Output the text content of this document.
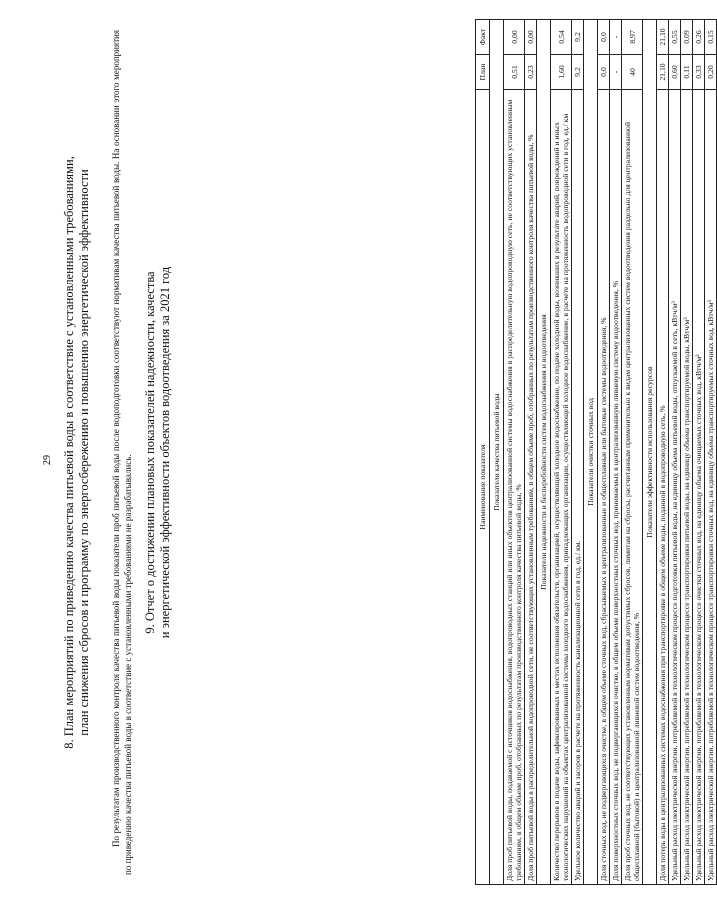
29 8. План мероприятий по приведению качества питьевой воды в соответствие с установленными требованиями, план снижения сбросов и программу по энергосбережению и повышению энергетической эффективности По результатам производственного контроля качества питьевой воды показатели проб питьевой воды после водоподготовки соответствуют нормативам качества питьевой воды. На основании этого мероприятия по приведению качества питьевой воды в соответствие с установленными требованиями не разрабатывались.
9. Отчет о достижении плановых показателей надежности, качества и энергетической эффективности объектов водоотведения за 2021 год	Наименование показателя	План	Факт
Показатели качества питьевой воды		
Доля проб питьевой воды, подаваемой с источников водоснабжения, водопроводных станций или иных объектов централизованной системы водоснабжения в распределительную водопроводную сеть, не соответствующих установленным требованиям, в общем объеме проб, отобранных по результатам производственного контроля качества питьевой воды, %	0,51	0,00
Доля проб питьевой воды в распределительной водопроводной сети, не соответствующих установленным требованиям, в общем объеме проб, отобранных по результатам производственного контроля качества питьевой воды, %	0,23	0,00
Показатели надежности и бесперебойности систем водоснабжения и водоотведения		
Количество перерывов в подаче воды, зафиксированных в местах исполнения обязательств, организацией, осуществляющей холодное водоснабжение, по подаче холодной воды, возникших в результате аварий, повреждений и иных технологических нарушений на объектах централизованной системы холодного водоснабжения, принадлежащих организации, осуществляющей холодное водоснабжение, в расчете на протяженность водопроводной сети в год, ед./ км	1,60	0,54
Удельное количество аварий и засоров в расчете на протяженность канализационной сети в год, ед./ км.	9,2	9,2
Показатели очистки сточных вод		
Доля сточных вод, не подвергающихся очистке, в общем объеме сточных вод, сбрасываемых в централизованные и общесплавные или бытовые системы водоотведения, %	0,0	0,0
Доля поверхностных сточных вод, не подвергающихся очистке, в общем объеме поверхностных сточных вод, принимаемых в централизованную ливневую систему водоотведения, %	-	-
Доля проб сточных вод, не соответствующих установленным нормативам допустимых сбросов, лимитам на сбросы, рассчитанным применительно к видам централизованных систем водоотведения раздельно для централизованной общесплавной (бытовой) и централизованной ливневой систем водоотведения, %	40	8,97
Показатели эффективности использования ресурсов		
Доля потерь воды в централизованных системах водоснабжения при транспортировке в общем объеме воды, поданной в водопроводную сеть, %	21,10	21,10
Удельный расход электрической энергии, потребляемой в технологическом процессе подготовки питьевой воды, на единицу объема питьевой воды, отпускаемой в сеть, кВтч/м³	0,60	0,55
Удельный расход электрической энергии, потребляемой в технологическом процессе транспортировки питьевой воды, на единицу объема транспортируемой воды, кВтч/м³	0,11	0,09
Удельный расход электрической энергии, потребляемой в технологическом процессе очистки сточных вод, на единицу объема очищаемых сточных вод, кВтч/м³	0,33	0,26
Удельный расход электрической энергии, потребляемой в технологическом процессе транспортировки сточных вод, на единицу объема транспортируемых сточных вод, кВтч/м³	0,20	0,15
